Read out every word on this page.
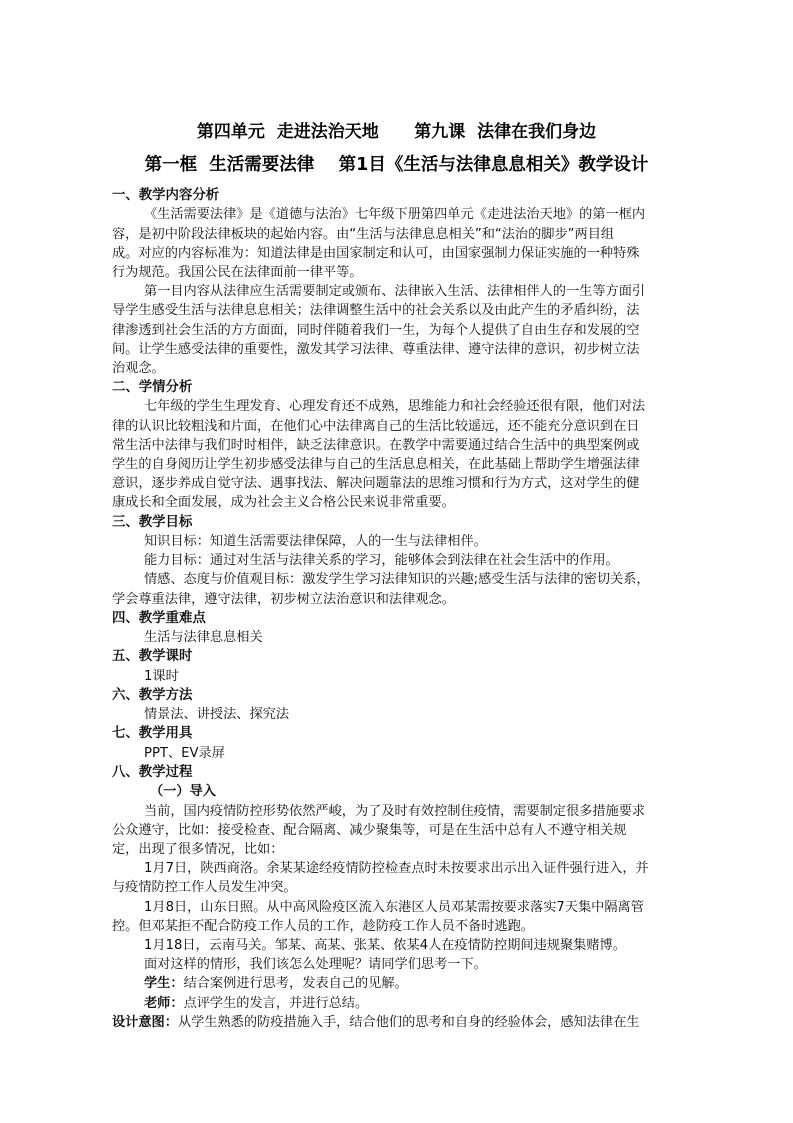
第四单元  走进法治天地      第九课  法律在我们身边
第一框  生活需要法律    第1目《生活与法律息息相关》教学设计
一、教学内容分析
《生活需要法律》是《道德与法治》七年级下册第四单元《走进法治天地》的第一框内
容，是初中阶段法律板块的起始内容。由“生活与法律息息相关”和“法治的脚步”两目组
成。对应的内容标准为：知道法律是由国家制定和认可，由国家强制力保证实施的一种特殊
行为规范。我国公民在法律面前一律平等。
第一目内容从法律应生活需要制定或颁布、法律嵌入生活、法律相伴人的一生等方面引
导学生感受生活与法律息息相关；法律调整生活中的社会关系以及由此产生的矛盾纠纷，法
律渗透到社会生活的方方面面，同时伴随着我们一生，为每个人提供了自由生存和发展的空
间。让学生感受法律的重要性，激发其学习法律、尊重法律、遵守法律的意识，初步树立法
治观念。
二、学情分析
七年级的学生生理发育、心理发育还不成熟，思维能力和社会经验还很有限，他们对法
律的认识比较粗浅和片面，在他们心中法律离自己的生活比较遥远，还不能充分意识到在日
常生活中法律与我们时时相伴，缺乏法律意识。在教学中需要通过结合生活中的典型案例或
学生的自身阅历让学生初步感受法律与自己的生活息息相关，在此基础上帮助学生增强法律
意识，逐步养成自觉守法、遇事找法、解决问题靠法的思维习惯和行为方式，这对学生的健
康成长和全面发展，成为社会主义合格公民来说非常重要。
三、教学目标
知识目标：知道生活需要法律保障，人的一生与法律相伴。
能力目标：通过对生活与法律关系的学习，能够体会到法律在社会生活中的作用。
情感、态度与价值观目标：激发学生学习法律知识的兴趣;感受生活与法律的密切关系，
学会尊重法律，遵守法律，初步树立法治意识和法律观念。
四、教学重难点
生活与法律息息相关
五、教学课时
1课时
六、教学方法
情景法、讲授法、探究法
七、教学用具
PPT、EV录屏
八、教学过程
（一）导入
当前，国内疫情防控形势依然严峻，为了及时有效控制住疫情，需要制定很多措施要求
公众遵守，比如：接受检查、配合隔离、减少聚集等，可是在生活中总有人不遵守相关规
定，出现了很多情况，比如：
1月7日，陕西商洛。余某某途经疫情防控检查点时未按要求出示出入证件强行进入，并
与疫情防控工作人员发生冲突。
1月8日，山东日照。从中高风险疫区流入东港区人员邓某需按要求落实7天集中隔离管
控。但邓某拒不配合防疫工作人员的工作，趁防疫工作人员不备时逃跑。
1月18日，云南马关。邹某、高某、张某、侬某4人在疫情防控期间违规聚集赌博。
面对这样的情形，我们该怎么处理呢？请同学们思考一下。
学生：结合案例进行思考，发表自己的见解。
老师：点评学生的发言，并进行总结。
设计意图：从学生熟悉的防疫措施入手，结合他们的思考和自身的经验体会，感知法律在生
